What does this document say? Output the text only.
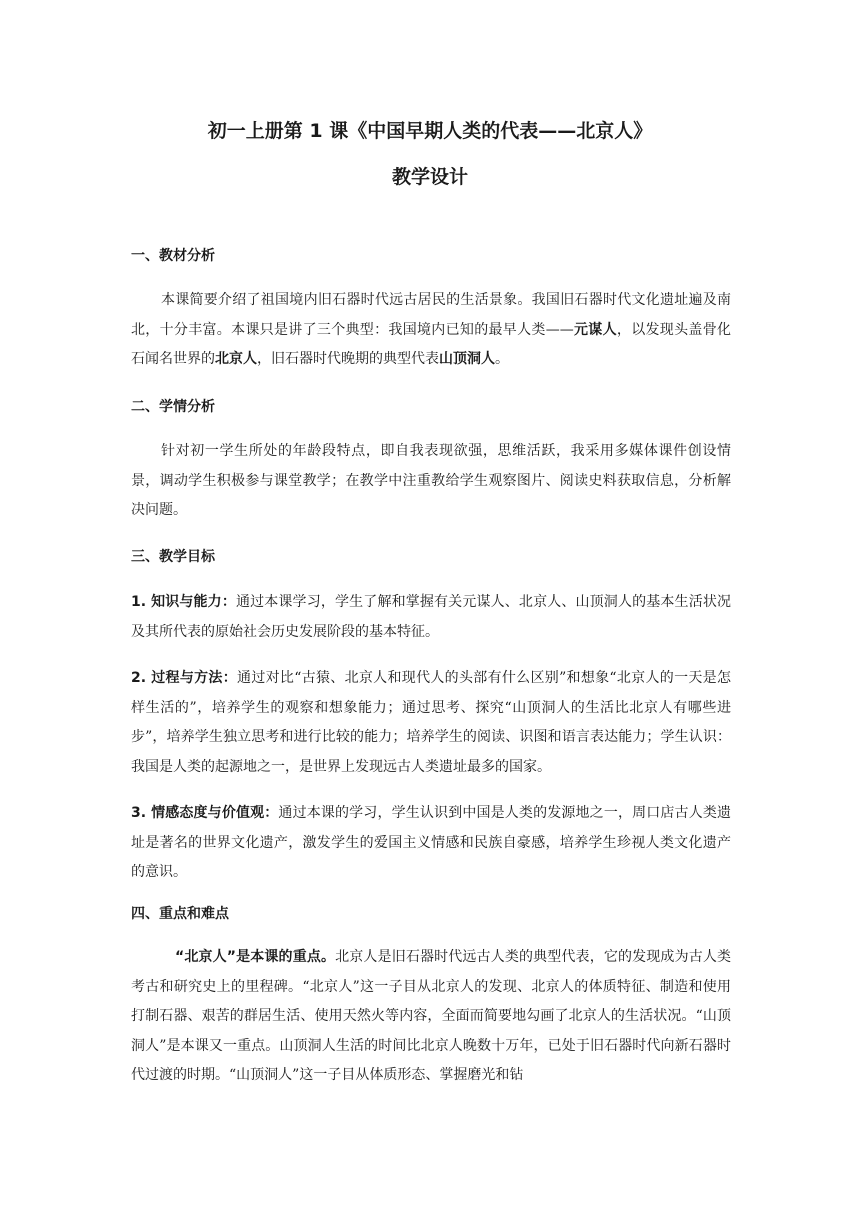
初一上册第 1 课《中国早期人类的代表——北京人》
教学设计
一、教材分析
本课简要介绍了祖国境内旧石器时代远古居民的生活景象。我国旧石器时代文化遗址遍及南北，十分丰富。本课只是讲了三个典型：我国境内已知的最早人类——元谋人，以发现头盖骨化石闻名世界的北京人，旧石器时代晚期的典型代表山顶洞人。
二、学情分析
针对初一学生所处的年龄段特点，即自我表现欲强，思维活跃，我采用多媒体课件创设情景，调动学生积极参与课堂教学；在教学中注重教给学生观察图片、阅读史料获取信息，分析解决问题。
三、教学目标
1. 知识与能力：通过本课学习，学生了解和掌握有关元谋人、北京人、山顶洞人的基本生活状况及其所代表的原始社会历史发展阶段的基本特征。
2. 过程与方法：通过对比“古猿、北京人和现代人的头部有什么区别”和想象“北京人的一天是怎样生活的”，培养学生的观察和想象能力；通过思考、探究“山顶洞人的生活比北京人有哪些进步”，培养学生独立思考和进行比较的能力；培养学生的阅读、识图和语言表达能力；学生认识：我国是人类的起源地之一，是世界上发现远古人类遗址最多的国家。
3. 情感态度与价值观：通过本课的学习，学生认识到中国是人类的发源地之一，周口店古人类遗址是著名的世界文化遗产，激发学生的爱国主义情感和民族自豪感，培养学生珍视人类文化遗产的意识。
四、重点和难点
“北京人”是本课的重点。北京人是旧石器时代远古人类的典型代表，它的发现成为古人类考古和研究史上的里程碑。“北京人”这一子目从北京人的发现、北京人的体质特征、制造和使用打制石器、艰苦的群居生活、使用天然火等内容，全面而简要地勾画了北京人的生活状况。“山顶洞人”是本课又一重点。山顶洞人生活的时间比北京人晚数十万年，已处于旧石器时代向新石器时代过渡的时期。“山顶洞人”这一子目从体质形态、掌握磨光和钻
